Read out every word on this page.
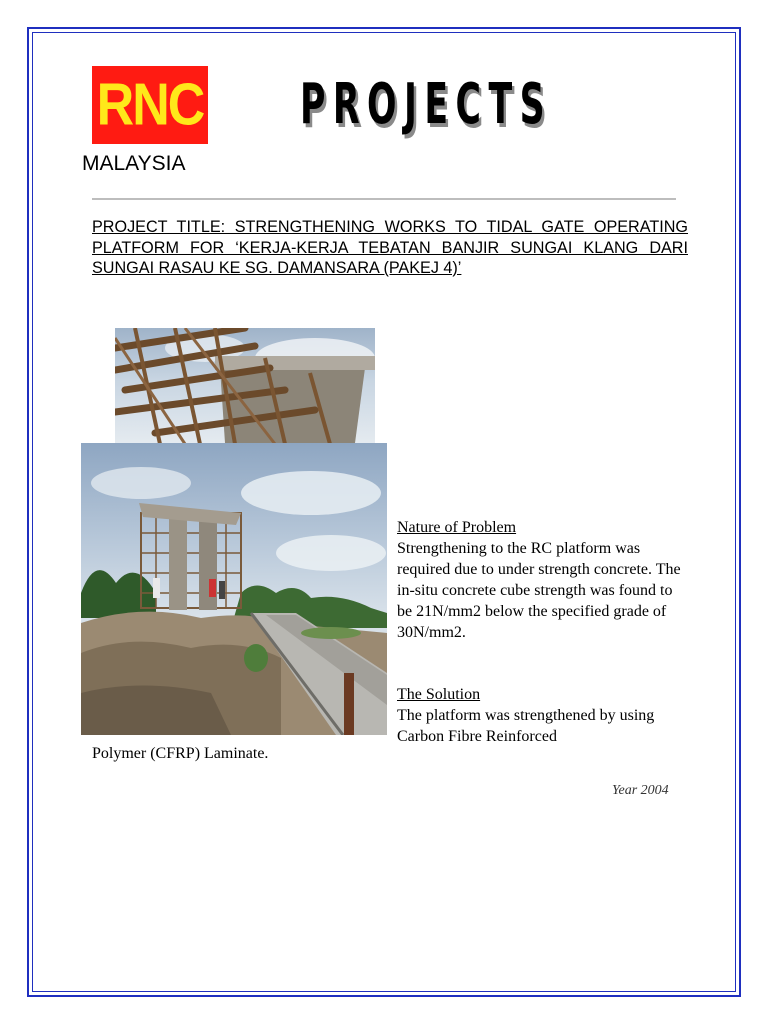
RNC
MALAYSIA
PROJECTS
PROJECT TITLE: STRENGTHENING WORKS TO TIDAL GATE OPERATING PLATFORM FOR ‘KERJA-KERJA TEBATAN BANJIR SUNGAI KLANG DARI SUNGAI RASAU KE SG. DAMANSARA (PAKEJ 4)’
Nature of Problem
Strengthening to the RC platform was required due to under strength concrete. The in-situ concrete cube strength was found to be 21N/mm2 below the specified grade of 30N/mm2.
The Solution
The platform was strengthened by using Carbon Fibre Reinforced
Polymer (CFRP) Laminate.
Year 2004
